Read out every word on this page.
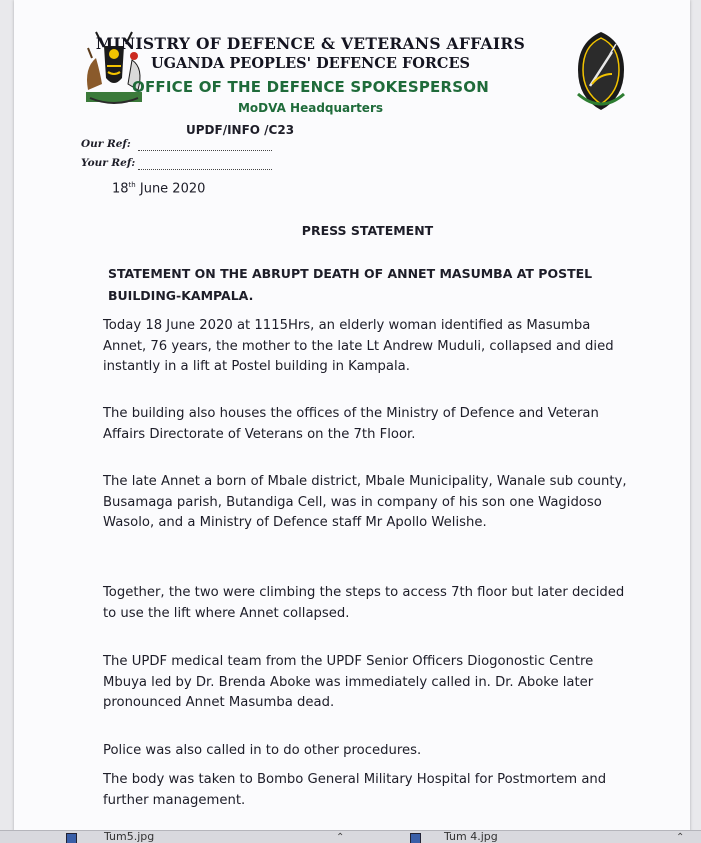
MINISTRY OF DEFENCE & VETERANS AFFAIRS
UGANDA PEOPLES' DEFENCE FORCES
OFFICE OF THE DEFENCE SPOKESPERSON
MoDVA Headquarters
UPDF/INFO /C23
Our Ref:
Your Ref:
18th June 2020
PRESS STATEMENT
STATEMENT ON THE ABRUPT DEATH OF ANNET MASUMBA AT POSTEL BUILDING-KAMPALA.
Today 18 June 2020 at 1115Hrs, an elderly woman identified as Masumba Annet, 76 years, the mother to the late Lt Andrew Muduli, collapsed and died instantly in a lift at Postel building in Kampala.
The building also houses the offices of the Ministry of Defence and Veteran Affairs Directorate of Veterans on the 7th Floor.
The late Annet a born of Mbale district, Mbale Municipality, Wanale sub county, Busamaga parish, Butandiga Cell, was in company of his son one Wagidoso Wasolo, and a Ministry of Defence staff Mr Apollo Welishe.
Together, the two were climbing the steps to access 7th floor but later decided to use the lift where Annet collapsed.
The UPDF medical team from the UPDF Senior Officers Diogonostic Centre Mbuya led by Dr. Brenda Aboke was immediately called in. Dr. Aboke later pronounced Annet Masumba dead.
Police was also called in to do other procedures.
The body was taken to Bombo General Military Hospital for Postmortem and further management.
Tum5.jpg	⌃	Tum 4.jpg	⌃
